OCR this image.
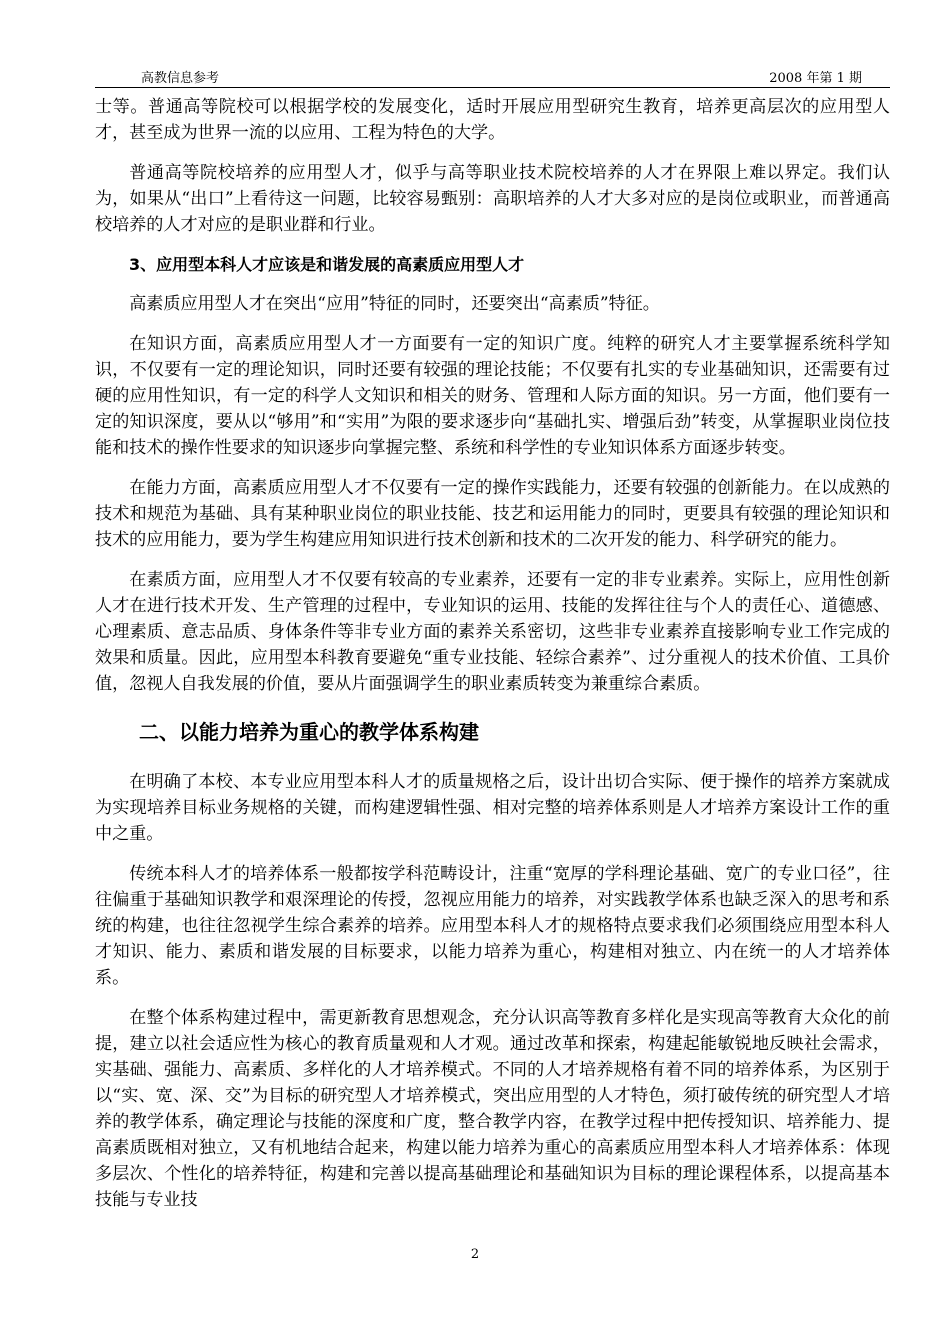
高教信息参考	2008 年第 1 期

士等。普通高等院校可以根据学校的发展变化，适时开展应用型研究生教育，培养更高层次的应用型人才，甚至成为世界一流的以应用、工程为特色的大学。

普通高等院校培养的应用型人才，似乎与高等职业技术院校培养的人才在界限上难以界定。我们认为，如果从“出口”上看待这一问题，比较容易甄别：高职培养的人才大多对应的是岗位或职业，而普通高校培养的人才对应的是职业群和行业。

3、应用型本科人才应该是和谐发展的高素质应用型人才

高素质应用型人才在突出“应用”特征的同时，还要突出“高素质”特征。

在知识方面，高素质应用型人才一方面要有一定的知识广度。纯粹的研究人才主要掌握系统科学知识，不仅要有一定的理论知识，同时还要有较强的理论技能；不仅要有扎实的专业基础知识，还需要有过硬的应用性知识，有一定的科学人文知识和相关的财务、管理和人际方面的知识。另一方面，他们要有一定的知识深度，要从以“够用”和“实用”为限的要求逐步向“基础扎实、增强后劲”转变，从掌握职业岗位技能和技术的操作性要求的知识逐步向掌握完整、系统和科学性的专业知识体系方面逐步转变。

在能力方面，高素质应用型人才不仅要有一定的操作实践能力，还要有较强的创新能力。在以成熟的技术和规范为基础、具有某种职业岗位的职业技能、技艺和运用能力的同时，更要具有较强的理论知识和技术的应用能力，要为学生构建应用知识进行技术创新和技术的二次开发的能力、科学研究的能力。

在素质方面，应用型人才不仅要有较高的专业素养，还要有一定的非专业素养。实际上，应用性创新人才在进行技术开发、生产管理的过程中，专业知识的运用、技能的发挥往往与个人的责任心、道德感、心理素质、意志品质、身体条件等非专业方面的素养关系密切，这些非专业素养直接影响专业工作完成的效果和质量。因此，应用型本科教育要避免“重专业技能、轻综合素养”、过分重视人的技术价值、工具价值，忽视人自我发展的价值，要从片面强调学生的职业素质转变为兼重综合素质。

二、以能力培养为重心的教学体系构建

在明确了本校、本专业应用型本科人才的质量规格之后，设计出切合实际、便于操作的培养方案就成为实现培养目标业务规格的关键，而构建逻辑性强、相对完整的培养体系则是人才培养方案设计工作的重中之重。

传统本科人才的培养体系一般都按学科范畴设计，注重“宽厚的学科理论基础、宽广的专业口径”，往往偏重于基础知识教学和艰深理论的传授，忽视应用能力的培养，对实践教学体系也缺乏深入的思考和系统的构建，也往往忽视学生综合素养的培养。应用型本科人才的规格特点要求我们必须围绕应用型本科人才知识、能力、素质和谐发展的目标要求，以能力培养为重心，构建相对独立、内在统一的人才培养体系。

在整个体系构建过程中，需更新教育思想观念，充分认识高等教育多样化是实现高等教育大众化的前提，建立以社会适应性为核心的教育质量观和人才观。通过改革和探索，构建起能敏锐地反映社会需求，实基础、强能力、高素质、多样化的人才培养模式。不同的人才培养规格有着不同的培养体系，为区别于以“实、宽、深、交”为目标的研究型人才培养模式，突出应用型的人才特色，须打破传统的研究型人才培养的教学体系，确定理论与技能的深度和广度，整合教学内容，在教学过程中把传授知识、培养能力、提高素质既相对独立，又有机地结合起来，构建以能力培养为重心的高素质应用型本科人才培养体系：体现多层次、个性化的培养特征，构建和完善以提高基础理论和基础知识为目标的理论课程体系，以提高基本技能与专业技

2
